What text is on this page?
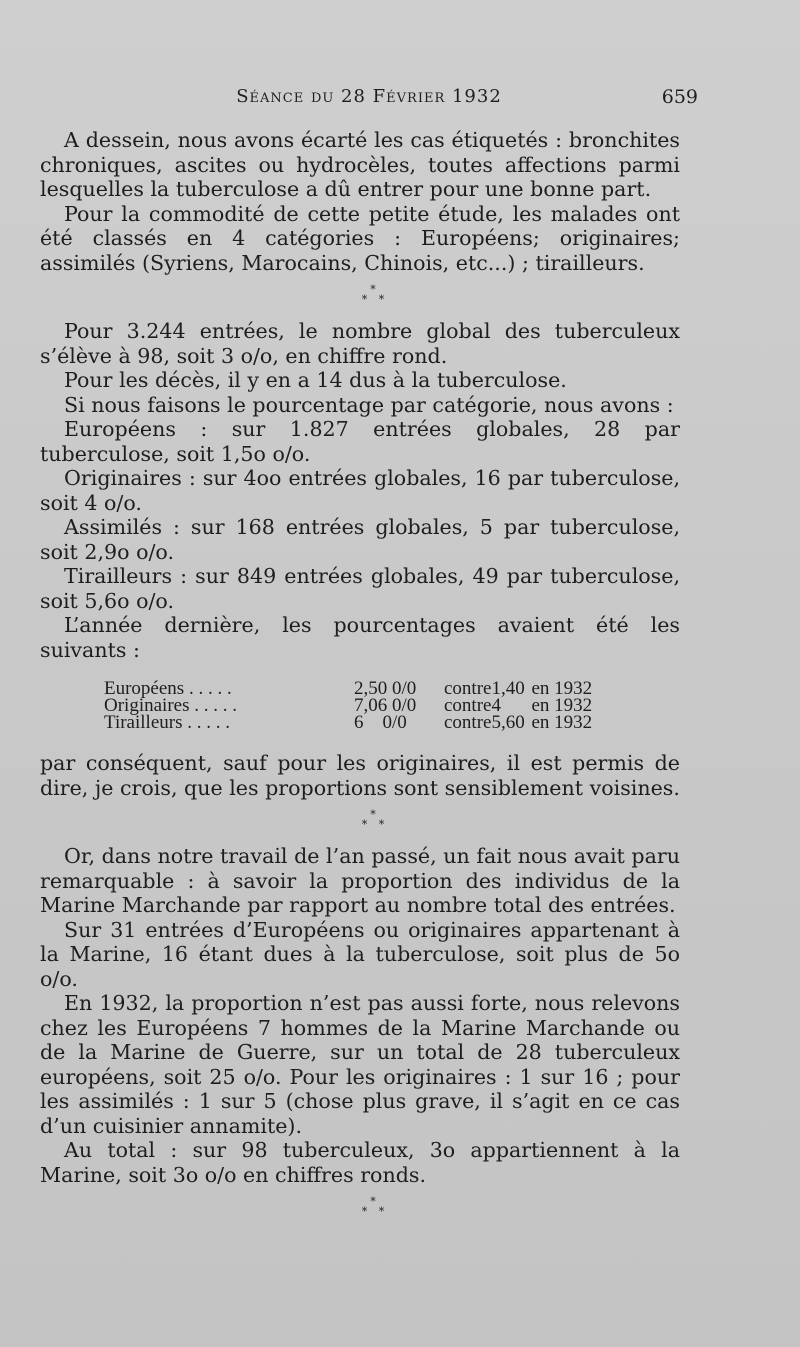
Séance du 28 Février 1932	659

A dessein, nous avons écarté les cas étiquetés : bronchites chroniques, ascites ou hydrocèles, toutes affections parmi lesquelles la tuberculose a dû entrer pour une bonne part.

Pour la commodité de cette petite étude, les malades ont été classés en 4 catégories : Européens; originaires; assimilés (Syriens, Marocains, Chinois, etc...) ; tirailleurs.

*
* *

Pour 3.244 entrées, le nombre global des tuberculeux s’élève à 98, soit 3 o/o, en chiffre rond.

Pour les décès, il y en a 14 dus à la tuberculose.

Si nous faisons le pourcentage par catégorie, nous avons :

Européens : sur 1.827 entrées globales, 28 par tuberculose, soit 1,5o o/o.

Originaires : sur 4oo entrées globales, 16 par tuberculose, soit 4 o/o.

Assimilés : sur 168 entrées globales, 5 par tuberculose, soit 2,9o o/o.

Tirailleurs : sur 849 entrées globales, 49 par tuberculose, soit 5,6o o/o.

L’année dernière, les pourcentages avaient été les suivants :

Européens . . . . .	2,50 0/0	contre	1,40	en 1932
Originaires . . . . .	7,06 0/0	contre	4	en 1932
Tirailleurs . . . . .	6    0/0	contre	5,60	en 1932

par conséquent, sauf pour les originaires, il est permis de dire, je crois, que les proportions sont sensiblement voisines.

*
* *

Or, dans notre travail de l’an passé, un fait nous avait paru remarquable : à savoir la proportion des individus de la Marine Marchande par rapport au nombre total des entrées.

Sur 31 entrées d’Européens ou originaires appartenant à la Marine, 16 étant dues à la tuberculose, soit plus de 5o o/o.

En 1932, la proportion n’est pas aussi forte, nous relevons chez les Européens 7 hommes de la Marine Marchande ou de la Marine de Guerre, sur un total de 28 tuberculeux européens, soit 25 o/o. Pour les originaires : 1 sur 16 ; pour les assimilés : 1 sur 5 (chose plus grave, il s’agit en ce cas d’un cuisinier annamite).

Au total : sur 98 tuberculeux, 3o appartiennent à la Marine, soit 3o o/o en chiffres ronds.

*
* *
